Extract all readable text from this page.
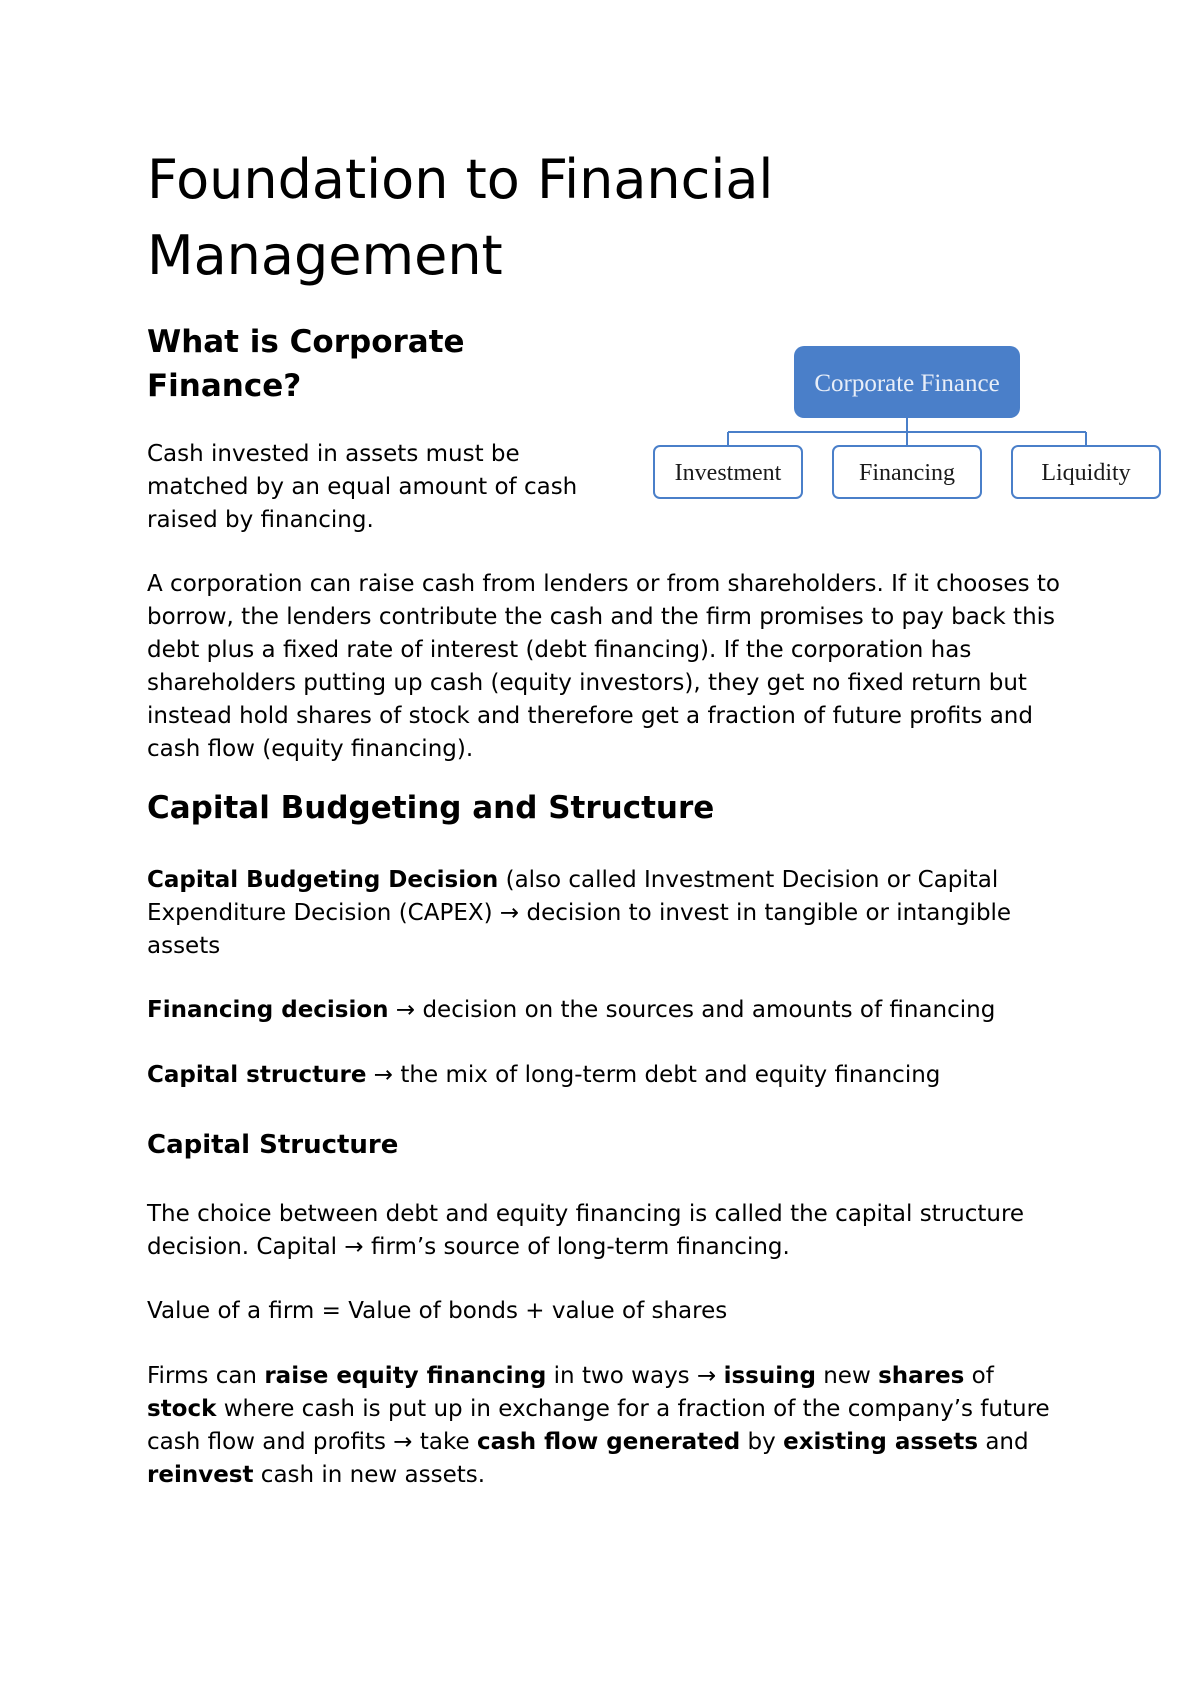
Foundation to Financial Management
What is Corporate Finance?

Cash invested in assets must be matched by an equal amount of cash raised by financing.

Corporate Finance
Investment	Financing	Liquidity

A corporation can raise cash from lenders or from shareholders. If it chooses to borrow, the lenders contribute the cash and the firm promises to pay back this debt plus a fixed rate of interest (debt financing). If the corporation has shareholders putting up cash (equity investors), they get no fixed return but instead hold shares of stock and therefore get a fraction of future profits and cash flow (equity financing).

Capital Budgeting and Structure

Capital Budgeting Decision (also called Investment Decision or Capital Expenditure Decision (CAPEX) → decision to invest in tangible or intangible assets

Financing decision → decision on the sources and amounts of financing

Capital structure → the mix of long-term debt and equity financing

Capital Structure

The choice between debt and equity financing is called the capital structure decision. Capital → firm’s source of long-term financing.

Value of a firm = Value of bonds + value of shares

Firms can raise equity financing in two ways → issuing new shares of stock where cash is put up in exchange for a fraction of the company’s future cash flow and profits → take cash flow generated by existing assets and reinvest cash in new assets.
